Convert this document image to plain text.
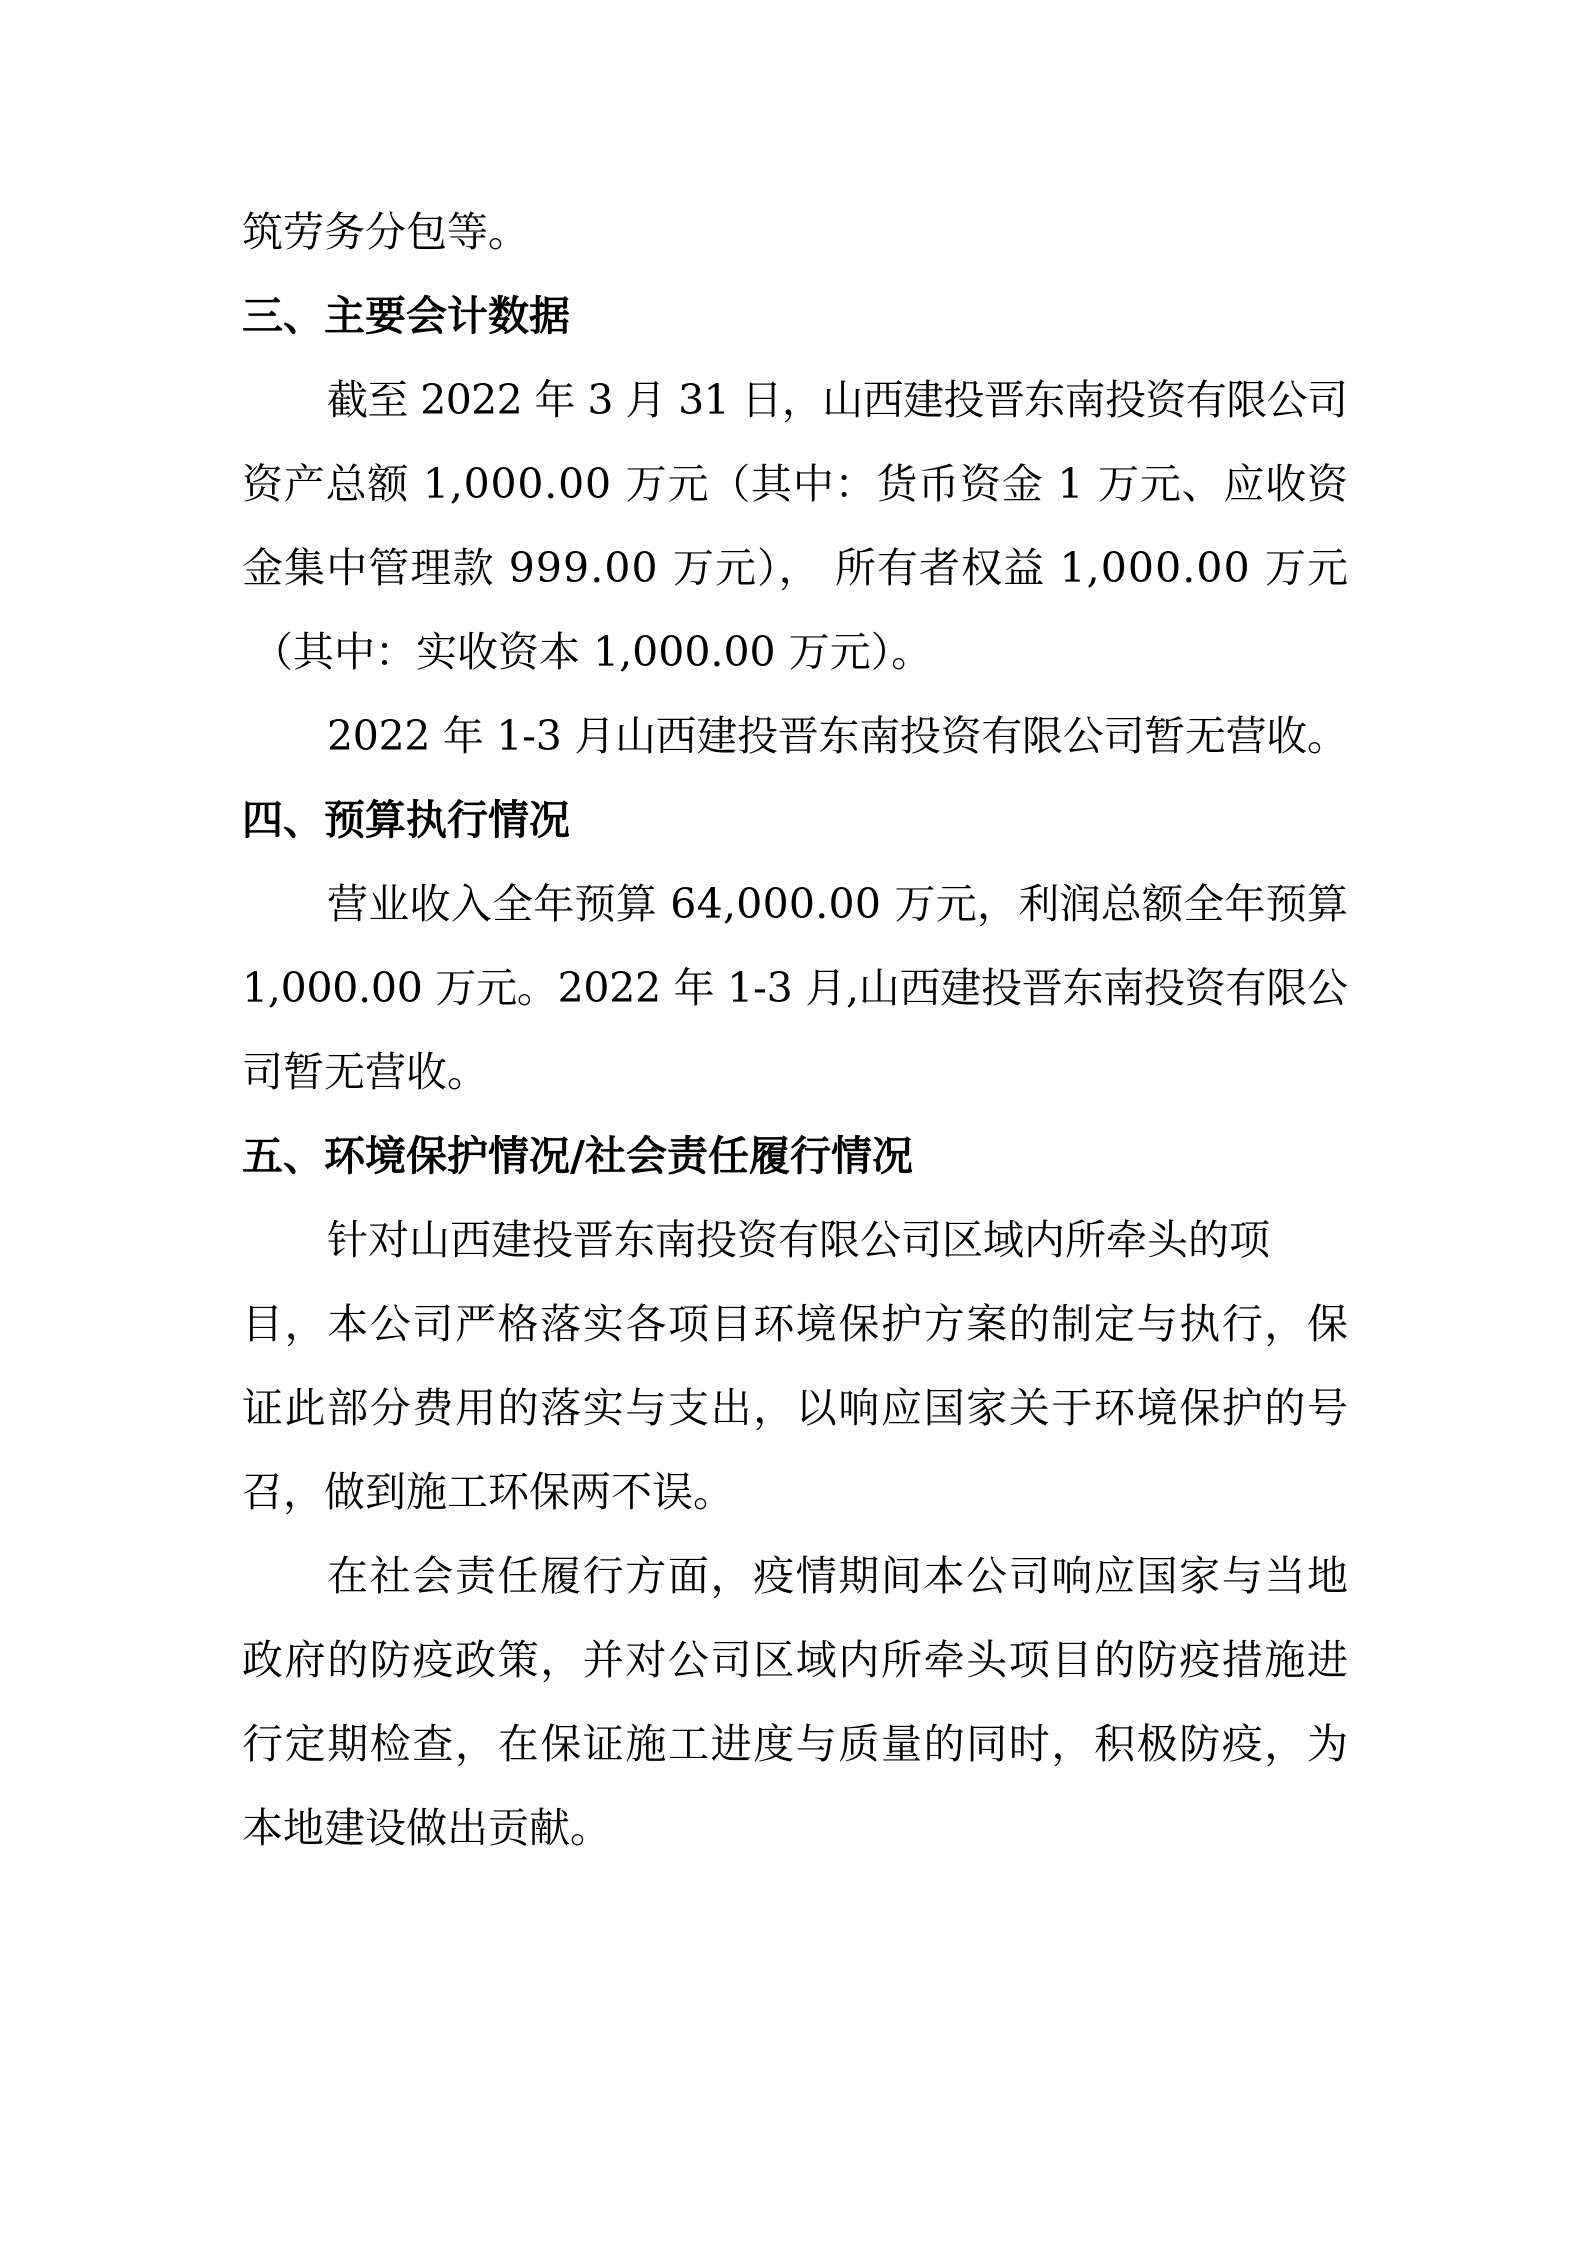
筑劳务分包等。
三、主要会计数据
截至 2022 年 3 月 31 日，山西建投晋东南投资有限公司
资产总额 1,000.00 万元（其中：货币资金 1 万元、应收资
金集中管理款 999.00 万元）， 所有者权益 1,000.00 万元
（其中：实收资本 1,000.00 万元）。
2022 年 1-3 月山西建投晋东南投资有限公司暂无营收。
四、预算执行情况
营业收入全年预算 64,000.00 万元，利润总额全年预算
1,000.00 万元。2022 年 1-3 月,山西建投晋东南投资有限公
司暂无营收。
五、环境保护情况/社会责任履行情况
针对山西建投晋东南投资有限公司区域内所牵头的项
目，本公司严格落实各项目环境保护方案的制定与执行，保
证此部分费用的落实与支出，以响应国家关于环境保护的号
召，做到施工环保两不误。
在社会责任履行方面，疫情期间本公司响应国家与当地
政府的防疫政策，并对公司区域内所牵头项目的防疫措施进
行定期检查，在保证施工进度与质量的同时，积极防疫，为
本地建设做出贡献。
